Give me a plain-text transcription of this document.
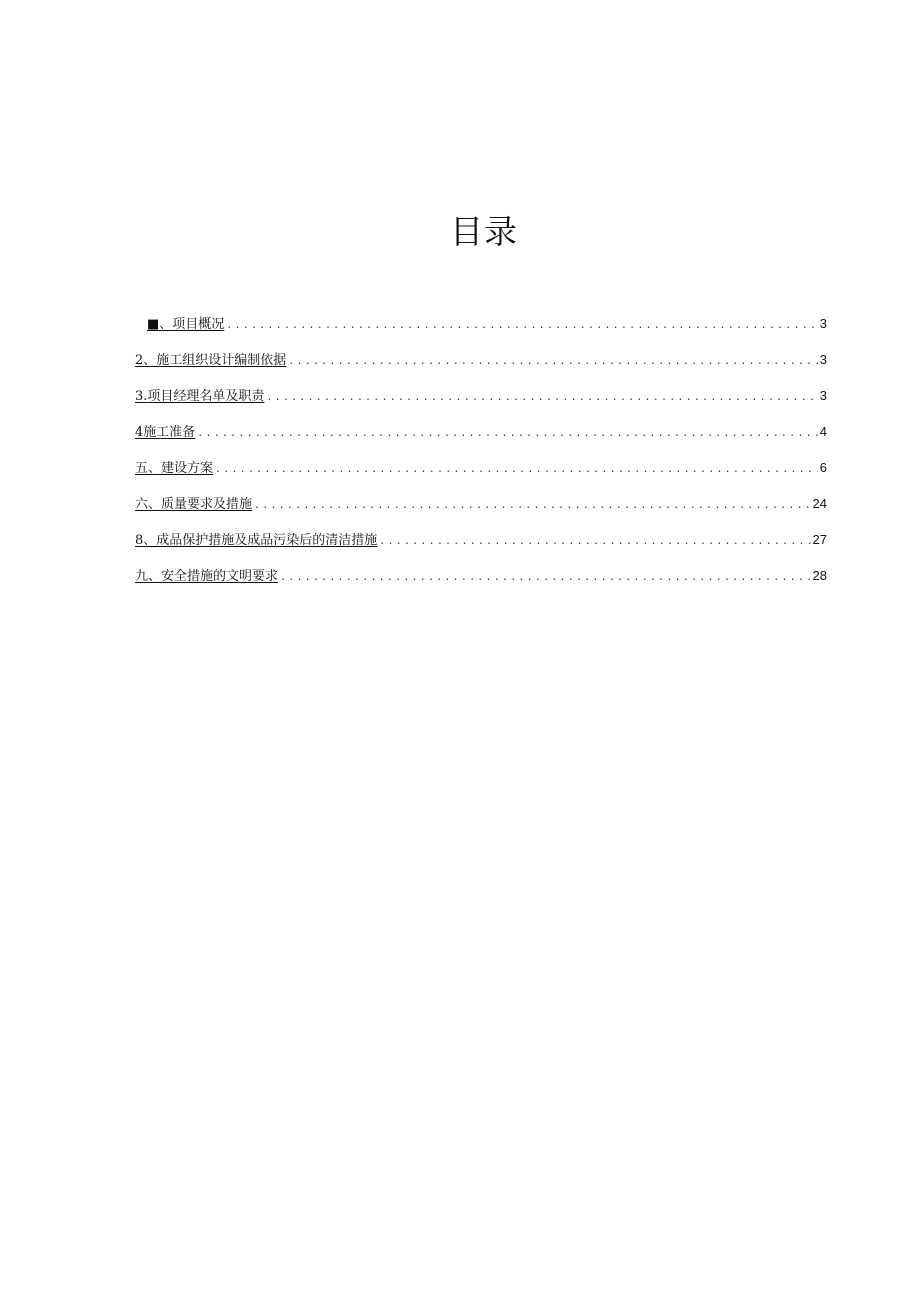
目录
■、项目概况 .....	3
2、施工组织设计编制依据 .....	3
3.项目经理名单及职责 .....	3
4施工准备 .....	4
五、建设方案 .....	6
六、质量要求及措施 .....	24
8、成品保护措施及成品污染后的清洁措施 .....	27
九、安全措施的文明要求 .....	28
